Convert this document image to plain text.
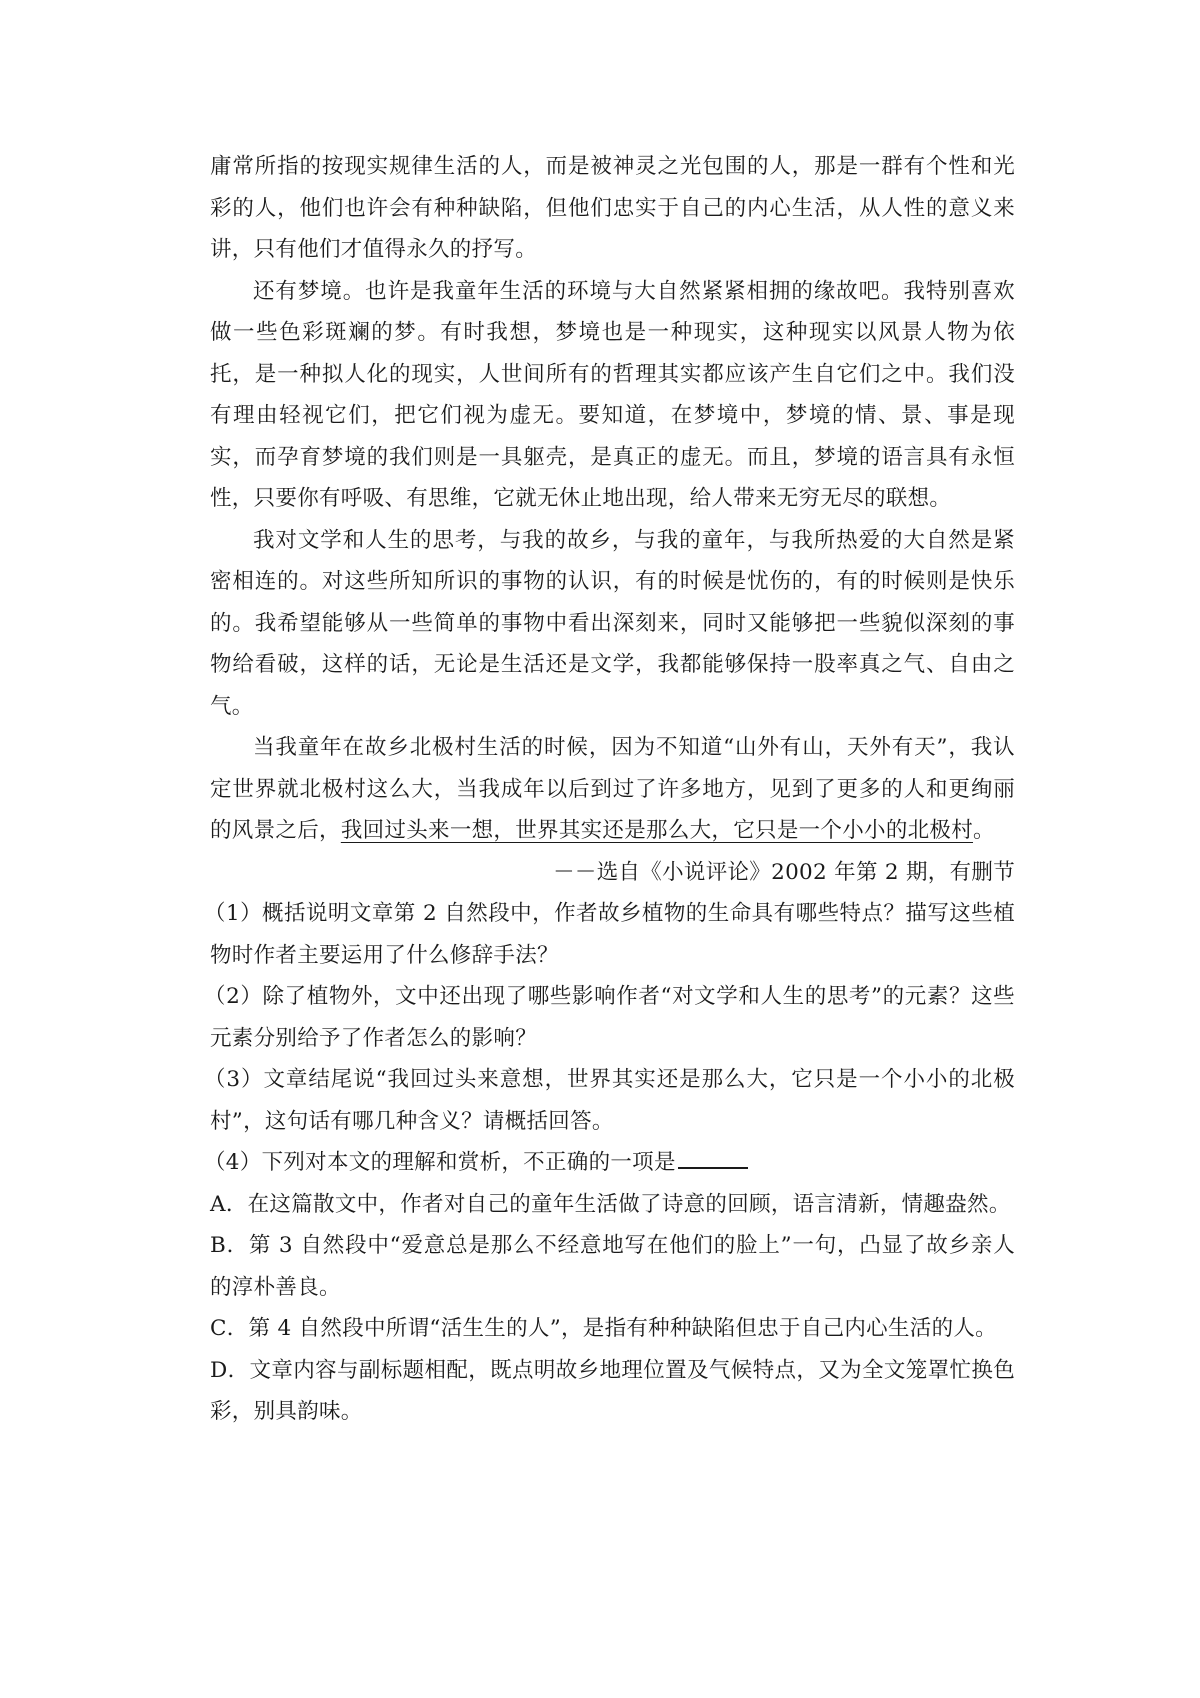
庸常所指的按现实规律生活的人，而是被神灵之光包围的人，那是一群有个性和光彩的人，他们也许会有种种缺陷，但他们忠实于自己的内心生活，从人性的意义来讲，只有他们才值得永久的抒写。

还有梦境。也许是我童年生活的环境与大自然紧紧相拥的缘故吧。我特别喜欢做一些色彩斑斓的梦。有时我想，梦境也是一种现实，这种现实以风景人物为依托，是一种拟人化的现实，人世间所有的哲理其实都应该产生自它们之中。我们没有理由轻视它们，把它们视为虚无。要知道，在梦境中，梦境的情、景、事是现实，而孕育梦境的我们则是一具躯壳，是真正的虚无。而且，梦境的语言具有永恒性，只要你有呼吸、有思维，它就无休止地出现，给人带来无穷无尽的联想。

我对文学和人生的思考，与我的故乡，与我的童年，与我所热爱的大自然是紧密相连的。对这些所知所识的事物的认识，有的时候是忧伤的，有的时候则是快乐的。我希望能够从一些简单的事物中看出深刻来，同时又能够把一些貌似深刻的事物给看破，这样的话，无论是生活还是文学，我都能够保持一股率真之气、自由之气。

当我童年在故乡北极村生活的时候，因为不知道“山外有山，天外有天”，我认定世界就北极村这么大，当我成年以后到过了许多地方，见到了更多的人和更绚丽的风景之后，我回过头来一想，世界其实还是那么大，它只是一个小小的北极村。

－－选自《小说评论》2002 年第 2 期，有删节

（1）概括说明文章第 2 自然段中，作者故乡植物的生命具有哪些特点？描写这些植物时作者主要运用了什么修辞手法？

（2）除了植物外，文中还出现了哪些影响作者“对文学和人生的思考”的元素？这些元素分别给予了作者怎么的影响？

（3）文章结尾说“我回过头来意想，世界其实还是那么大，它只是一个小小的北极村”，这句话有哪几种含义？请概括回答。

（4）下列对本文的理解和赏析，不正确的一项是

A．在这篇散文中，作者对自己的童年生活做了诗意的回顾，语言清新，情趣盎然。

B．第 3 自然段中“爱意总是那么不经意地写在他们的脸上”一句，凸显了故乡亲人的淳朴善良。

C．第 4 自然段中所谓“活生生的人”，是指有种种缺陷但忠于自己内心生活的人。

D．文章内容与副标题相配，既点明故乡地理位置及气候特点，又为全文笼罩忙换色彩，别具韵味。
